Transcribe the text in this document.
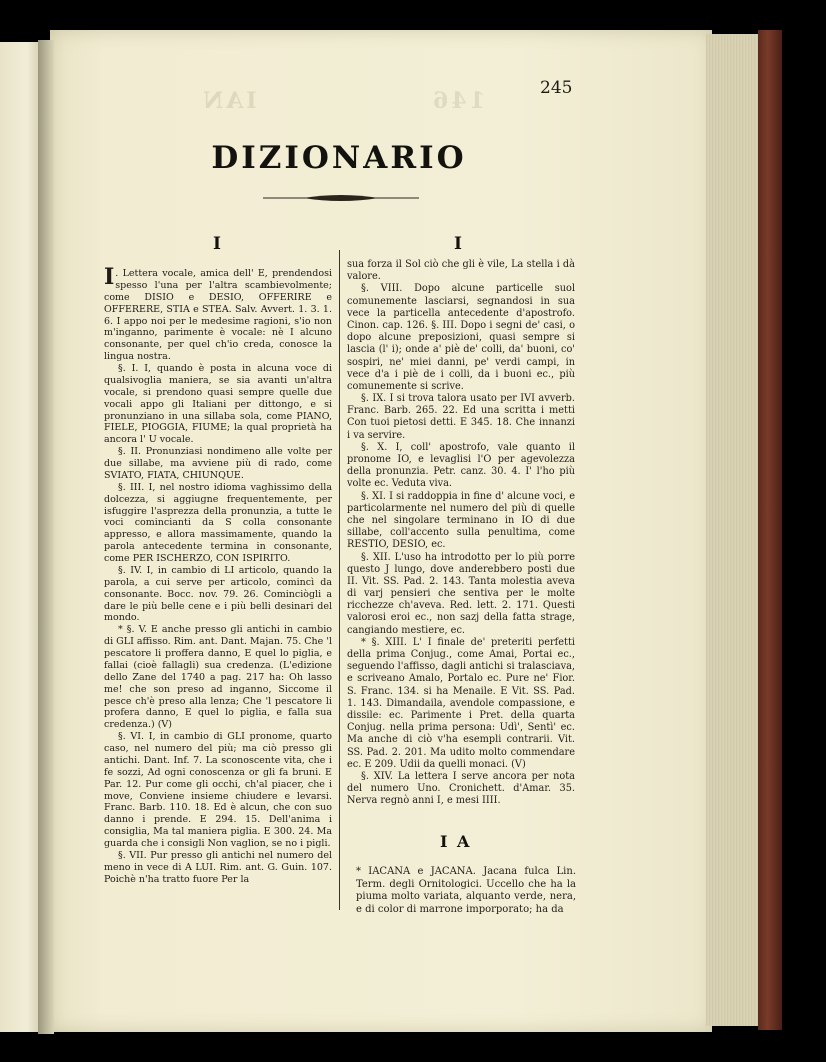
IAN	146	245
DIZIONARIO
I	I

I . Lettera vocale, amica dell' E, prendendosi spesso l'una per l'altra scambievolmente; come DISIO e DESIO, OFFERIRE e OFFERERE, STIA e STEA. Salv. Avvert. 1. 3. 1. 6. I appo noi per le medesime ragioni, s'io non m'inganno, parimente è vocale: nè I alcuno consonante, per quel ch'io creda, conosce la lingua nostra.

§. I. I, quando è posta in alcuna voce di qualsivoglia maniera, se sia avanti un'altra vocale, si prendono quasi sempre quelle due vocali appo gli Italiani per dittongo, e si pronunziano in una sillaba sola, come PIANO, FIELE, PIOGGIA, FIUME; la qual proprietà ha ancora l' U vocale.

§. II. Pronunziasi nondimeno alle volte per due sillabe, ma avviene più di rado, come SVIATO, FIATA, CHIUNQUE.

§. III. I, nel nostro idioma vaghissimo della dolcezza, si aggiugne frequentemente, per isfuggire l'asprezza della pronunzia, a tutte le voci comincianti da S colla consonante appresso, e allora massimamente, quando la parola antecedente termina in consonante, come PER ISCHERZO, CON ISPIRITO.

§. IV. I, in cambio di LI articolo, quando la parola, a cui serve per articolo, comincì da consonante. Bocc. nov. 79. 26. Cominciògli a dare le più belle cene e i più belli desinari del mondo.

* §. V. E anche presso gli antichi in cambio di GLI affisso. Rim. ant. Dant. Majan. 75. Che 'l pescatore li proffera danno, E quel lo piglia, e fallai (cioè fallagli) sua credenza. (L'edizione dello Zane del 1740 a pag. 217 ha: Oh lasso me! che son preso ad inganno, Siccome il pesce ch'è preso alla lenza; Che 'l pescatore li profera danno, E quel lo piglia, e falla sua credenza.) (V)

§. VI. I, in cambio di GLI pronome, quarto caso, nel numero del più; ma ciò presso gli antichi. Dant. Inf. 7. La sconoscente vita, che i fe sozzi, Ad ogni conoscenza or gli fa bruni. E Par. 12. Pur come gli occhi, ch'al piacer, che i move, Conviene insieme chiudere e levarsi. Franc. Barb. 110. 18. Ed è alcun, che con suo danno i prende. E 294. 15. Dell'anima i consiglia, Ma tal maniera piglia. E 300. 24. Ma guarda che i consigli Non vaglion, se no i pigli.

§. VII. Pur presso gli antichi nel numero del meno in vece di A LUI. Rim. ant. G. Guin. 107. Poichè n'ha tratto fuore Per la

sua forza il Sol ciò che gli è vile, La stella i dà valore.

§. VIII. Dopo alcune particelle suol comunemente lasciarsi, segnandosi in sua vece la particella antecedente d'apostrofo. Cinon. cap. 126. §. III. Dopo i segni de' casi, o dopo alcune preposizioni, quasi sempre si lascia (l' i); onde a' piè de' colli, da' buoni, co' sospiri, ne' miei danni, pe' verdi campi, in vece d'a i piè de i colli, da i buoni ec., più comunemente si scrive.

§. IX. I si trova talora usato per IVI avverb. Franc. Barb. 265. 22. Ed una scritta i metti Con tuoi pietosi detti. E 345. 18. Che innanzi i va servire.

§. X. I, coll' apostrofo, vale quanto il pronome IO, e levaglisi l'O per agevolezza della pronunzia. Petr. canz. 30. 4. I' l'ho più volte ec. Veduta viva.

§. XI. I si raddoppia in fine d' alcune voci, e particolarmente nel numero del più di quelle che nel singolare terminano in IO di due sillabe, coll'accento sulla penultima, come RESTIO, DESIO, ec.

§. XII. L'uso ha introdotto per lo più porre questo J lungo, dove anderebbero posti due II. Vit. SS. Pad. 2. 143. Tanta molestia aveva di varj pensieri che sentiva per le molte ricchezze ch'aveva. Red. lett. 2. 171. Questi valorosi eroi ec., non sazj della fatta strage, cangiando mestiere, ec.

* §. XIII. L' I finale de' preteriti perfetti della prima Conjug., come Amai, Portai ec., seguendo l'affisso, dagli antichi si tralasciava, e scriveano Amalo, Portalo ec. Pure ne' Fior. S. Franc. 134. si ha Menaile. E Vit. SS. Pad. 1. 143. Dimandaila, avendole compassione, e dissile: ec. Parimente i Pret. della quarta Conjug. nella prima persona: Udì', Sentì' ec. Ma anche di ciò v'ha esempli contrarii. Vit. SS. Pad. 2. 201. Ma udito molto commendare ec. E 209. Udii da quelli monaci. (V)

§. XIV. La lettera I serve ancora per nota del numero Uno. Cronichett. d'Amar. 35. Nerva regnò anni I, e mesi IIII.

I A

* IACANA e JACANA. Jacana fulca Lin. Term. degli Ornitologici. Uccello che ha la piuma molto variata, alquanto verde, nera, e di color di marrone imporporato; ha da
